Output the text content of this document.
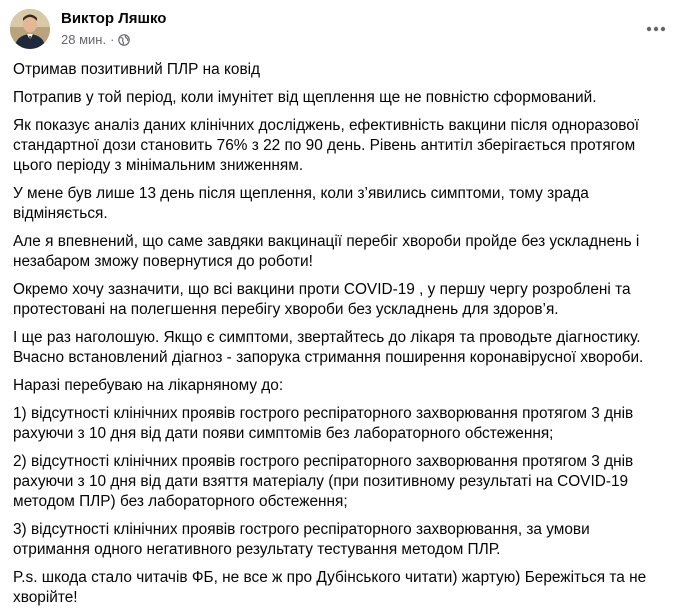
Виктор Ляшко
28 мин. ·

Отримав позитивний ПЛР на ковід

Потрапив у той період, коли імунітет від щеплення ще не повністю сформований.

Як показує аналіз даних клінічних досліджень, ефективність вакцини після одноразової стандартної дози становить 76% з 22 по 90 день. Рівень антитіл зберігається протягом цього періоду з мінімальним зниженням.

У мене був лише 13 день після щеплення, коли з’явились симптоми, тому зрада відміняється.

Але я впевнений, що саме завдяки вакцинації перебіг хвороби пройде без ускладнень і незабаром зможу повернутися до роботи!

Окремо хочу зазначити, що всі вакцини проти COVID-19 , у першу чергу розроблені та протестовані на полегшення перебігу хвороби без ускладнень для здоров’я.

І ще раз наголошую. Якщо є симптоми, звертайтесь до лікаря та проводьте діагностику. Вчасно встановлений діагноз - запорука стримання поширення коронавірусної хвороби.

Наразі перебуваю на лікарняному до:

1) відсутності клінічних проявів гострого респіраторного захворювання протягом 3 днів рахуючи з 10 дня від дати появи симптомів без лабораторного обстеження;

2) відсутності клінічних проявів гострого респіраторного захворювання протягом 3 днів рахуючи з 10 дня від дати взяття матеріалу (при позитивному результаті на COVID-19 методом ПЛР) без лабораторного обстеження;

3) відсутності клінічних проявів гострого респіраторного захворювання, за умови отримання одного негативного результату тестування методом ПЛР.

P.s. шкода стало читачів ФБ, не все ж про Дубінського читати) жартую) Бережіться та не хворійте!
